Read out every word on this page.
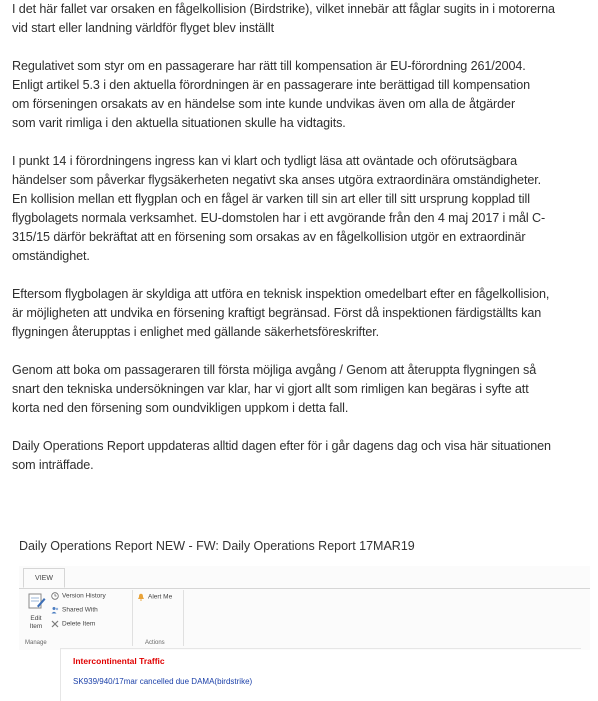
I det här fallet var orsaken en fågelkollision (Birdstrike), vilket innebär att fåglar sugits in i motorerna
vid start eller landning världför flyget blev inställt

Regulativet som styr om en passagerare har rätt till kompensation är EU-förordning 261/2004.
Enligt artikel 5.3 i den aktuella förordningen är en passagerare inte berättigad till kompensation
om förseningen orsakats av en händelse som inte kunde undvikas även om alla de åtgärder
som varit rimliga i den aktuella situationen skulle ha vidtagits.

I punkt 14 i förordningens ingress kan vi klart och tydligt läsa att oväntade och oförutsägbara
händelser som påverkar flygsäkerheten negativt ska anses utgöra extraordinära omständigheter.
En kollision mellan ett flygplan och en fågel är varken till sin art eller till sitt ursprung kopplad till
flygbolagets normala verksamhet. EU-domstolen har i ett avgörande från den 4 maj 2017 i mål C-
315/15 därför bekräftat att en försening som orsakas av en fågelkollision utgör en extraordinär
omständighet.

Eftersom flygbolagen är skyldiga att utföra en teknisk inspektion omedelbart efter en fågelkollision,
är möjligheten att undvika en försening kraftigt begränsad. Först då inspektionen färdigställts kan
flygningen återupptas i enlighet med gällande säkerhetsföreskrifter.

Genom att boka om passageraren till första möjliga avgång / Genom att återuppta flygningen så
snart den tekniska undersökningen var klar, har vi gjort allt som rimligen kan begäras i syfte att
korta ned den försening som oundvikligen uppkom i detta fall.

Daily Operations Report uppdateras alltid dagen efter för i går dagens dag och visa här situationen
som inträffade.

Daily Operations Report NEW - FW: Daily Operations Report 17MAR19
VIEW
Edit Item
Version History
Shared With
Delete Item
Manage
Alert Me
Actions
Intercontinental Traffic
SK939/940/17mar cancelled due DAMA(birdstrike)
